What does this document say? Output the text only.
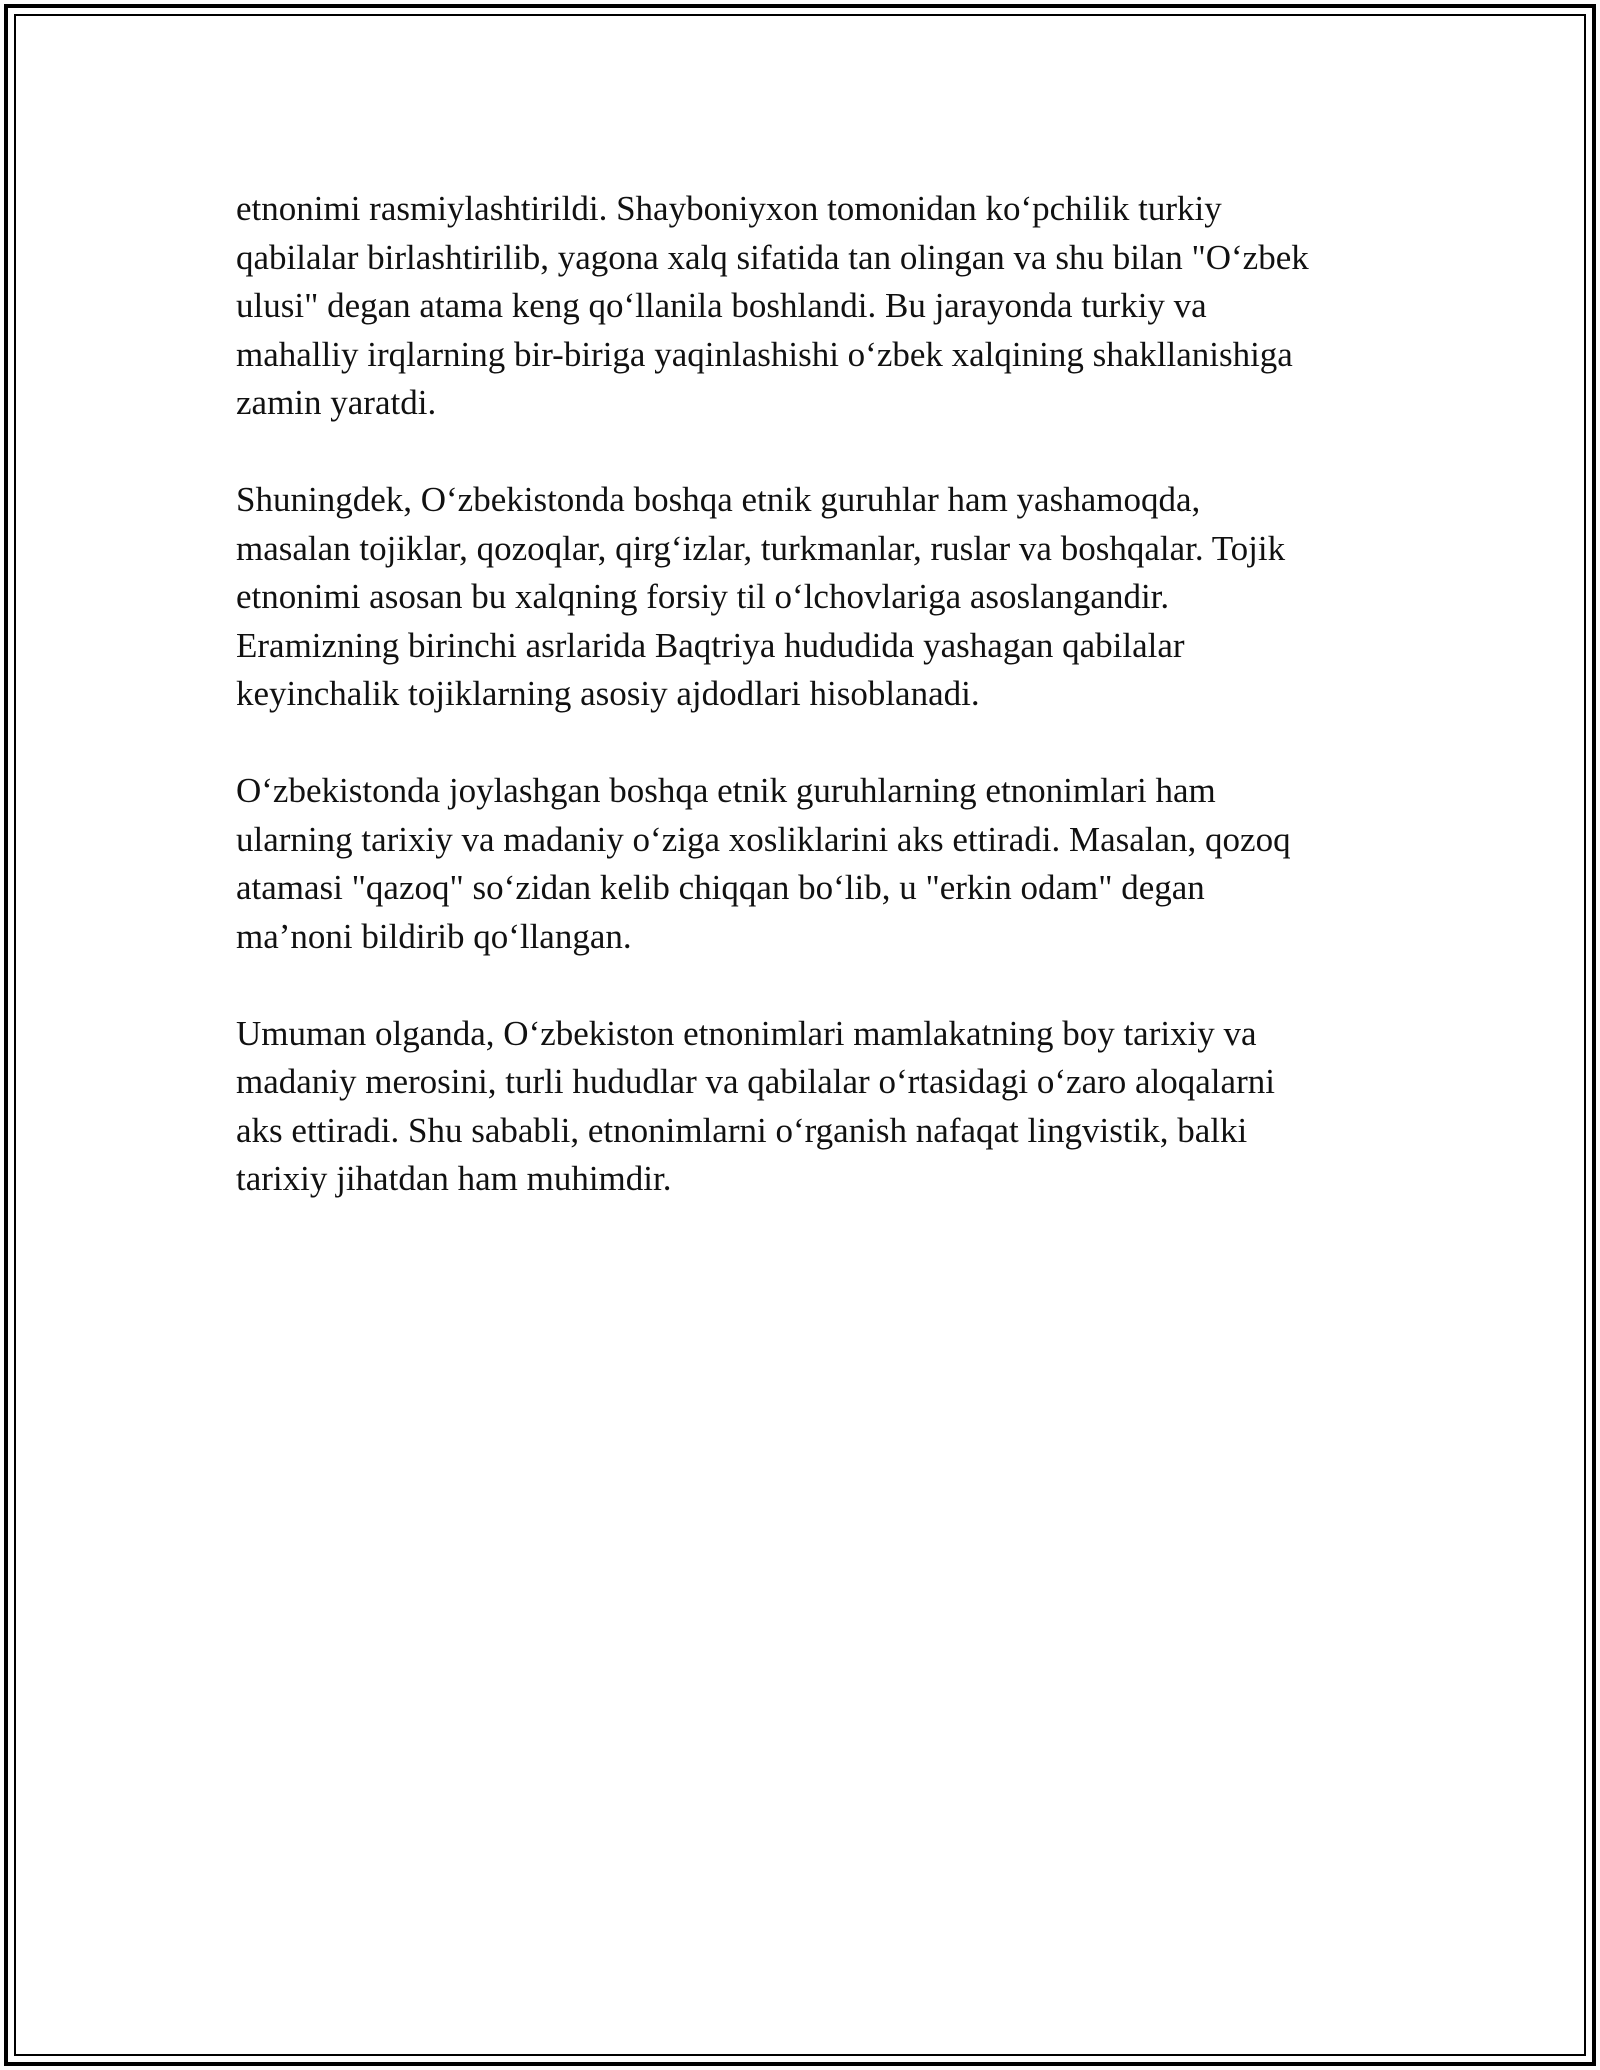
etnonimi rasmiylashtirildi. Shayboniyxon tomonidan ko‘pchilik turkiy
qabilalar birlashtirilib, yagona xalq sifatida tan olingan va shu bilan "O‘zbek
ulusi" degan atama keng qo‘llanila boshlandi. Bu jarayonda turkiy va
mahalliy irqlarning bir-biriga yaqinlashishi o‘zbek xalqining shakllanishiga
zamin yaratdi.

Shuningdek, O‘zbekistonda boshqa etnik guruhlar ham yashamoqda,
masalan tojiklar, qozoqlar, qirg‘izlar, turkmanlar, ruslar va boshqalar. Tojik
etnonimi asosan bu xalqning forsiy til o‘lchovlariga asoslangandir.
Eramizning birinchi asrlarida Baqtriya hududida yashagan qabilalar
keyinchalik tojiklarning asosiy ajdodlari hisoblanadi.

O‘zbekistonda joylashgan boshqa etnik guruhlarning etnonimlari ham
ularning tarixiy va madaniy o‘ziga xosliklarini aks ettiradi. Masalan, qozoq
atamasi "qazoq" so‘zidan kelib chiqqan bo‘lib, u "erkin odam" degan
ma’noni bildirib qo‘llangan.

Umuman olganda, O‘zbekiston etnonimlari mamlakatning boy tarixiy va
madaniy merosini, turli hududlar va qabilalar o‘rtasidagi o‘zaro aloqalarni
aks ettiradi. Shu sababli, etnonimlarni o‘rganish nafaqat lingvistik, balki
tarixiy jihatdan ham muhimdir.
